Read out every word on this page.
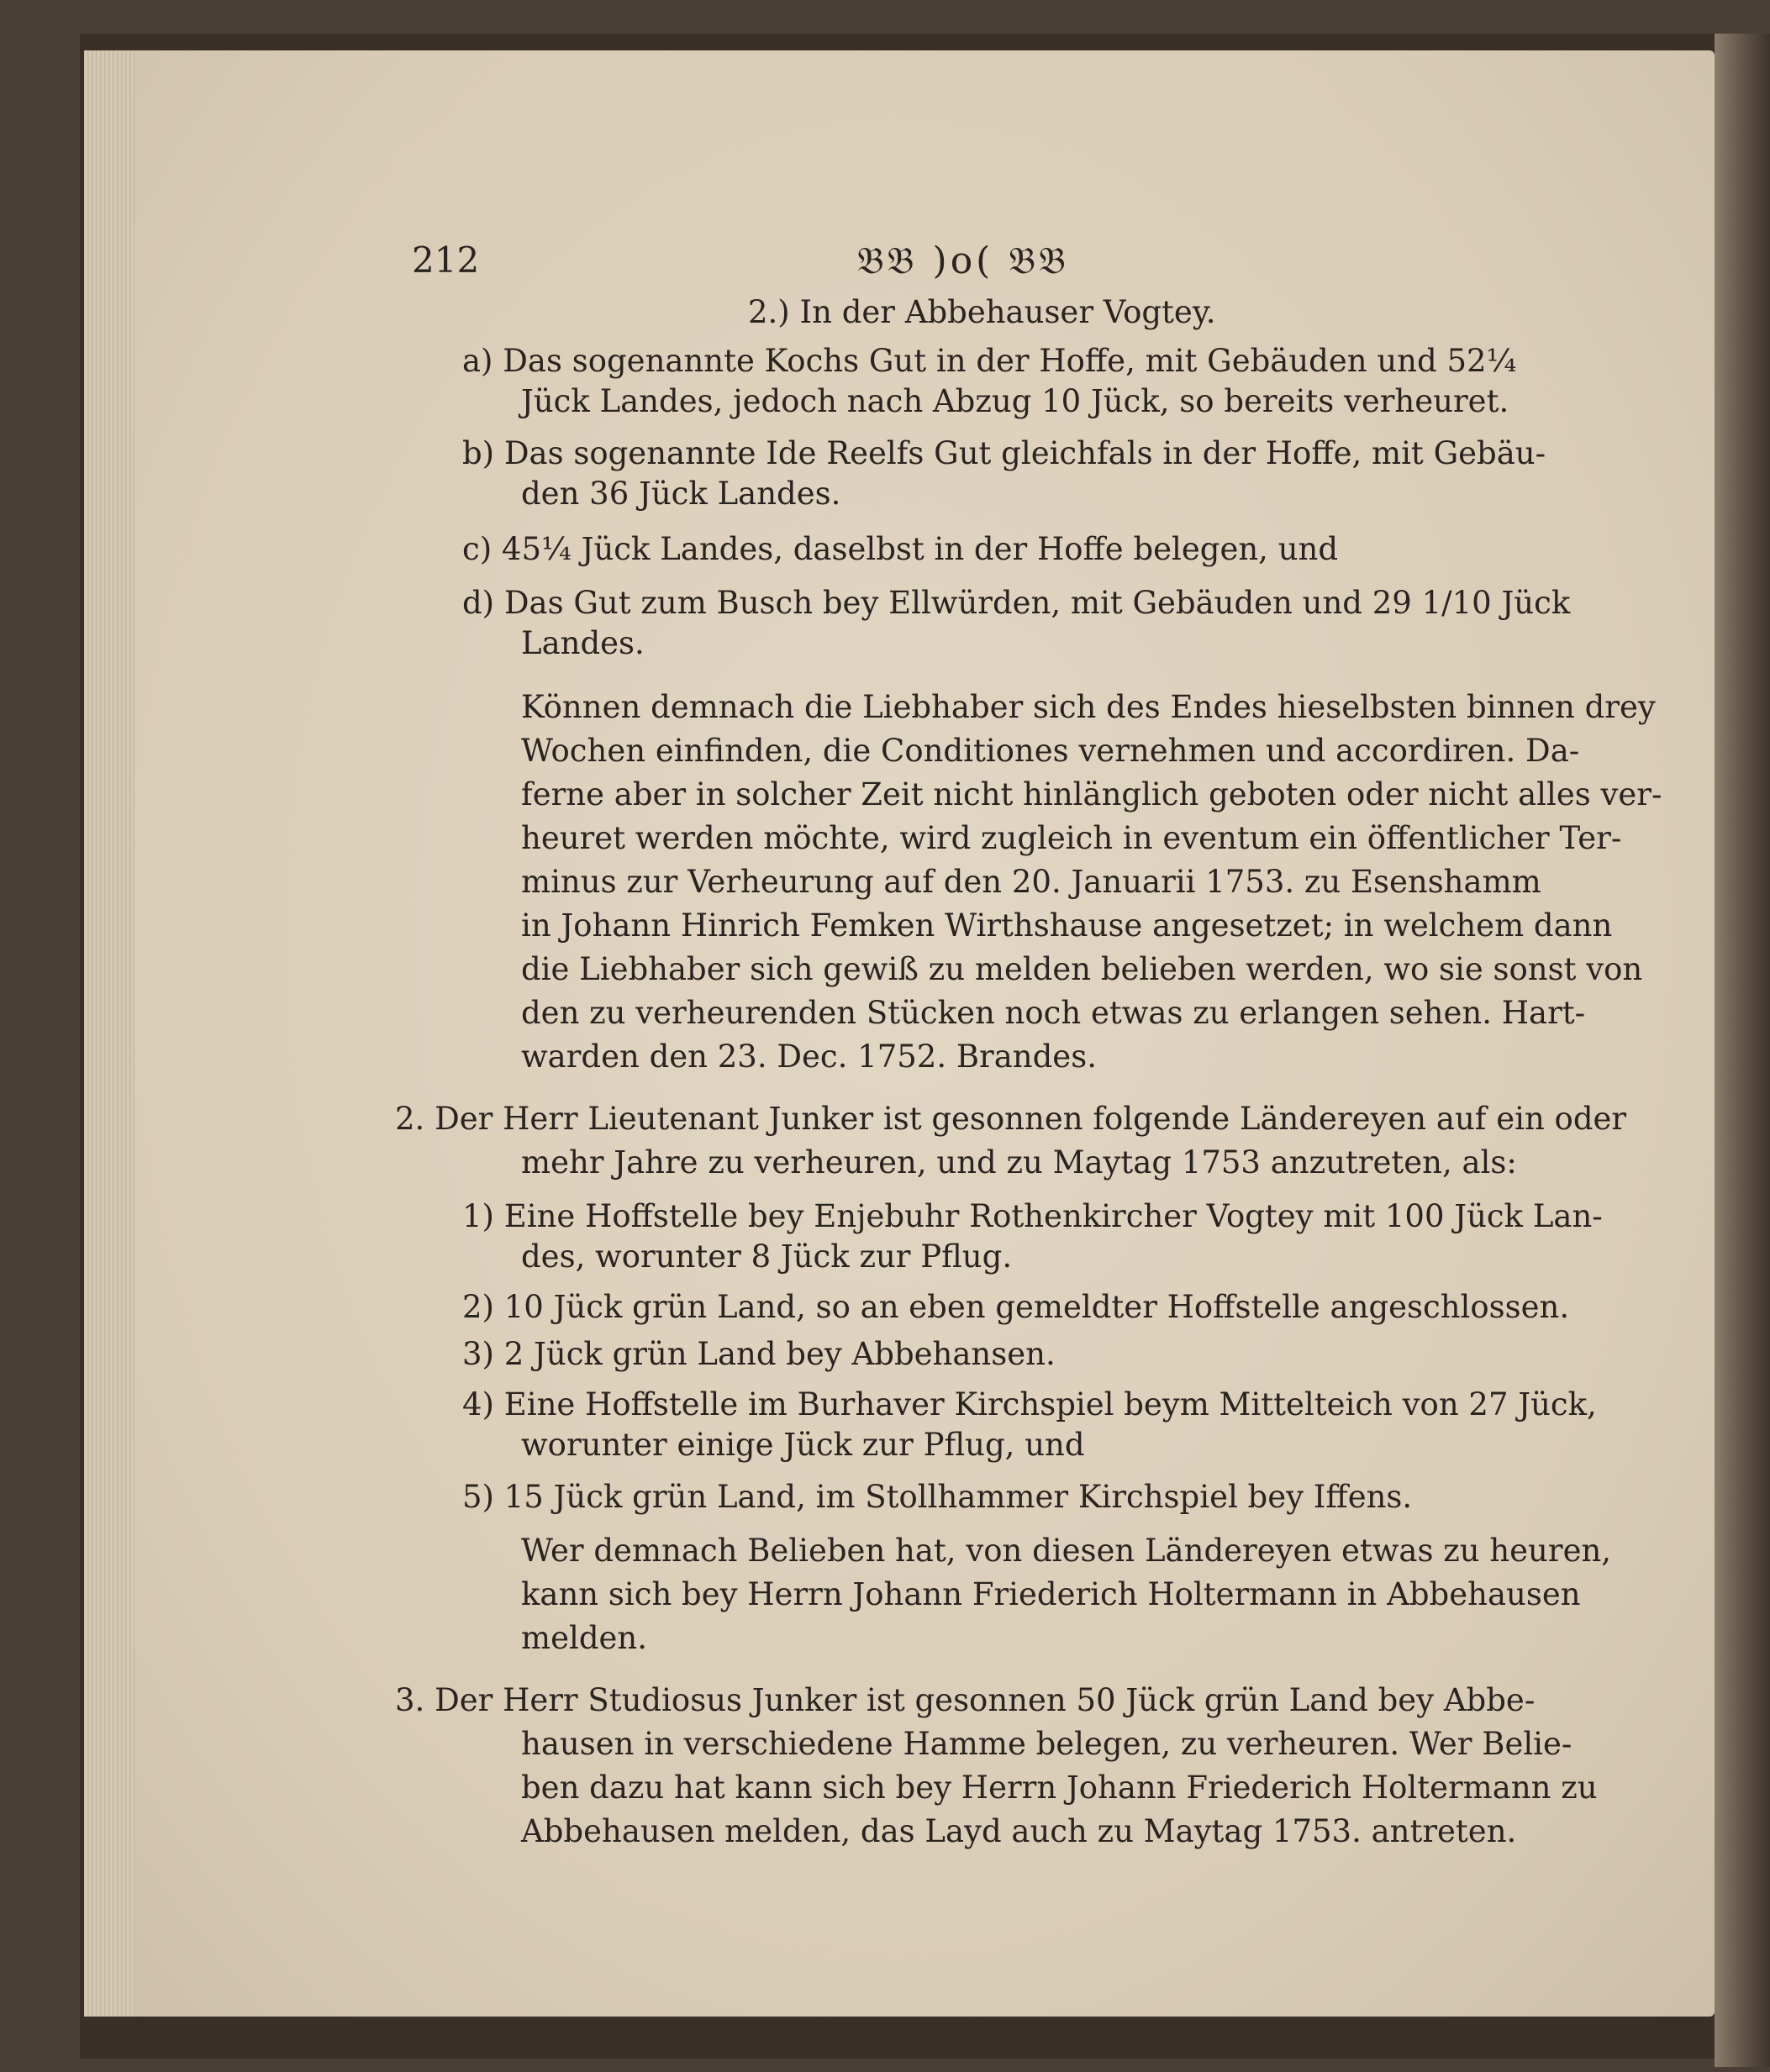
212	𝔅𝔅 )o( 𝔅𝔅
2.) In der Abbehauser Vogtey.
a) Das sogenannte Kochs Gut in der Hoffe, mit Gebäuden und 52¼
Jück Landes, jedoch nach Abzug 10 Jück, so bereits verheuret.
b) Das sogenannte Ide Reelfs Gut gleichfals in der Hoffe, mit Gebäu-
den 36 Jück Landes.
c) 45¼ Jück Landes, daselbst in der Hoffe belegen, und
d) Das Gut zum Busch bey Ellwürden, mit Gebäuden und 29 1/10 Jück
Landes.
Können demnach die Liebhaber sich des Endes hieselbsten binnen drey
Wochen einfinden, die Conditiones vernehmen und accordiren. Da-
ferne aber in solcher Zeit nicht hinlänglich geboten oder nicht alles ver-
heuret werden möchte, wird zugleich in eventum ein öffentlicher Ter-
minus zur Verheurung auf den 20. Januarii 1753. zu Esenshamm
in Johann Hinrich Femken Wirthshause angesetzet; in welchem dann
die Liebhaber sich gewiß zu melden belieben werden, wo sie sonst von
den zu verheurenden Stücken noch etwas zu erlangen sehen. Hart-
warden den 23. Dec. 1752. Brandes.
2. Der Herr Lieutenant Junker ist gesonnen folgende Ländereyen auf ein oder
mehr Jahre zu verheuren, und zu Maytag 1753 anzutreten, als:
1) Eine Hoffstelle bey Enjebuhr Rothenkircher Vogtey mit 100 Jück Lan-
des, worunter 8 Jück zur Pflug.
2) 10 Jück grün Land, so an eben gemeldter Hoffstelle angeschlossen.
3) 2 Jück grün Land bey Abbehansen.
4) Eine Hoffstelle im Burhaver Kirchspiel beym Mittelteich von 27 Jück,
worunter einige Jück zur Pflug, und
5) 15 Jück grün Land, im Stollhammer Kirchspiel bey Iffens.
Wer demnach Belieben hat, von diesen Ländereyen etwas zu heuren,
kann sich bey Herrn Johann Friederich Holtermann in Abbehausen
melden.
3. Der Herr Studiosus Junker ist gesonnen 50 Jück grün Land bey Abbe-
hausen in verschiedene Hamme belegen, zu verheuren. Wer Belie-
ben dazu hat kann sich bey Herrn Johann Friederich Holtermann zu
Abbehausen melden, das Layd auch zu Maytag 1753. antreten.
